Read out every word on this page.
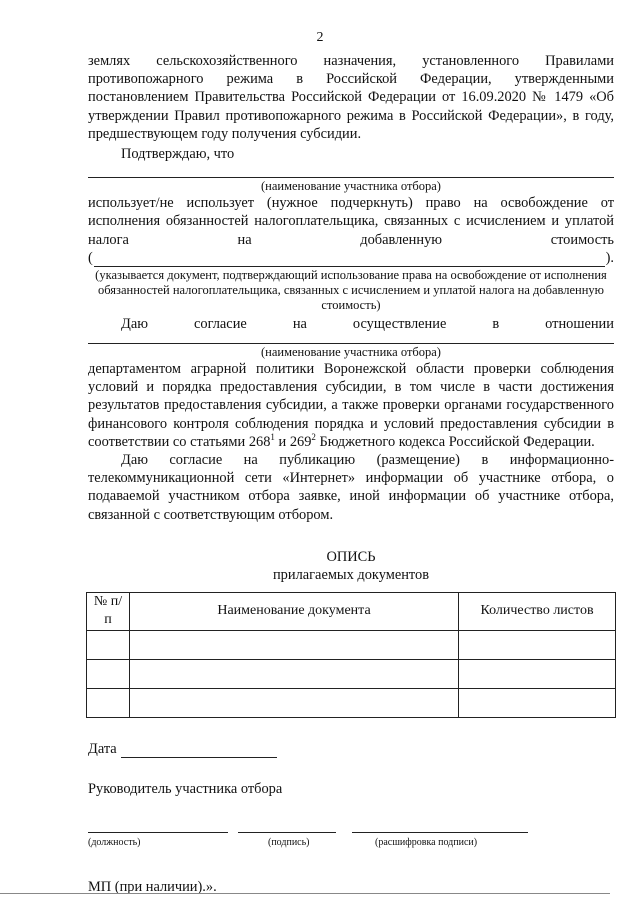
2

землях сельскохозяйственного назначения, установленного Правилами противопожарного режима в Российской Федерации, утвержденными постановлением Правительства Российской Федерации от 16.09.2020 № 1479 «Об утверждении Правил противопожарного режима в Российской Федерации», в году, предшествующем году получения субсидии.

Подтверждаю, что

(наименование участника отбора)

использует/не использует (нужное подчеркнуть) право на освобождение от исполнения обязанностей налогоплательщика, связанных с исчислением и уплатой налога на добавленную	стоимость

(	).

(указывается документ, подтверждающий использование права на освобождение от исполнения обязанностей налогоплательщика, связанных с исчислением и уплатой налога на добавленную стоимость)

Даю	согласие	на	осуществление	в	отношении

(наименование участника отбора)

департаментом аграрной политики Воронежской области проверки соблюдения условий и порядка предоставления субсидии, в том числе в части достижения результатов предоставления субсидии, а также проверки органами государственного финансового контроля соблюдения порядка и условий предоставления субсидии в соответствии со статьями $268^1$ и $269^2$ Бюджетного кодекса Российской Федерации.

Даю согласие на публикацию (размещение) в информационно-телекоммуникационной сети «Интернет» информации об участнике отбора, о подаваемой участником отбора заявке, иной информации об участнике отбора, связанной с соответствующим отбором.

ОПИСЬ

прилагаемых документов

№ п/п	Наименование документа	Количество листов

Дата

Руководитель участника отбора

(должность)	(подпись)	(расшифровка подписи)

МП (при наличии).».
